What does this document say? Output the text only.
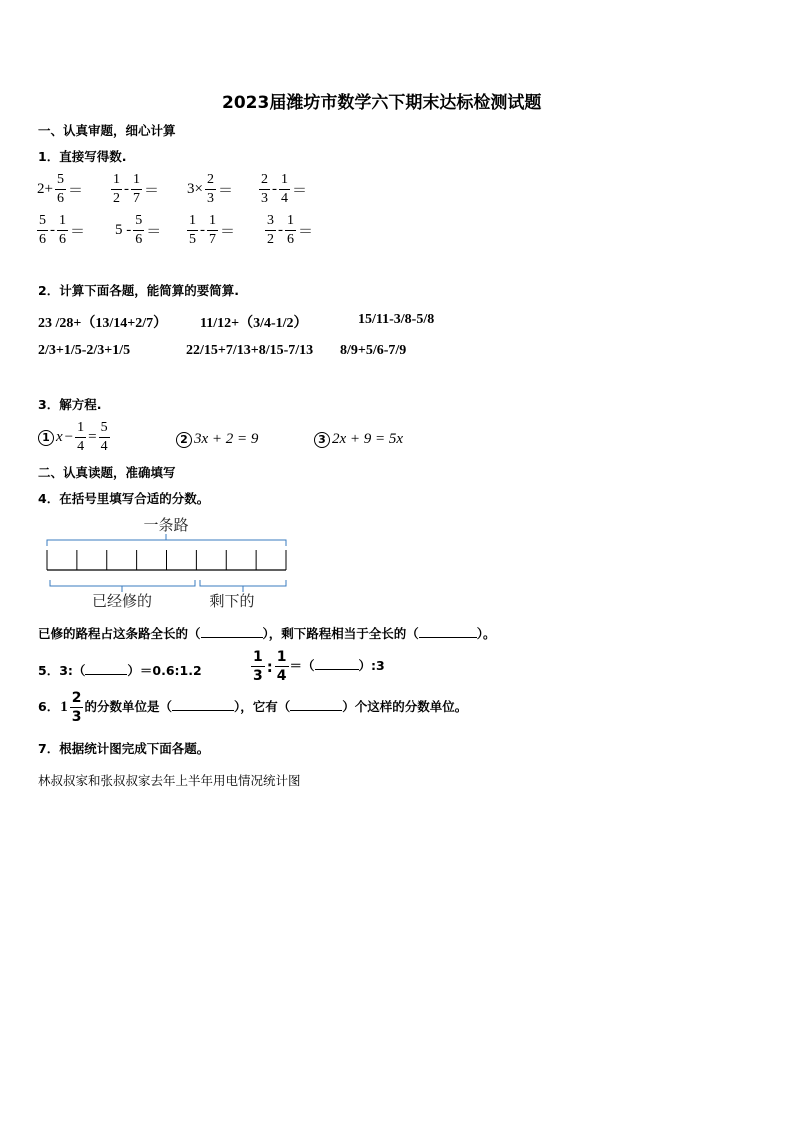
2023届潍坊市数学六下期末达标检测试题
一、认真审题，细心计算
1．直接写得数.
$2+ \frac{5}{6} = \frac{1}{2} - \frac{1}{7} = 3\times \frac{2}{3} = \frac{2}{3} - \frac{1}{4}$ ＝
$\frac{5}{6} - \frac{1}{6} = 5 - \frac{5}{6} = \frac{1}{5} - \frac{1}{7} = \frac{3}{2} - \frac{1}{6}$ ＝
2．计算下面各题，能简算的要简算.
23 /28+（13/14+2/7） 11/12+（3/4-1/2）	15/11-3/8-5/8
2/3+1/5-2/3+1/5	22/15+7/13+8/15-7/13 8/9+5/6-7/9
3．解方程.
1 $x - \frac{1}{4} = \frac{5}{4}$	2 3x + 2 = 9	3 2x + 9 = 5x
二、认真读题，准确填写
4．在括号里填写合适的分数。
一条路
已经修的	剩下的
已修的路程占这条路全长的（	），剩下路程相当于全长的（	）。
5．3:（	）＝0.6:1.2	$\frac{1}{3}$ : $\frac{1}{4}$ ＝（	）:3
6．$1 \frac{2}{3}$ 的分数单位是（	），它有（	）个这样的分数单位。
7．根据统计图完成下面各题。
林叔叔家和张叔叔家去年上半年用电情况统计图
